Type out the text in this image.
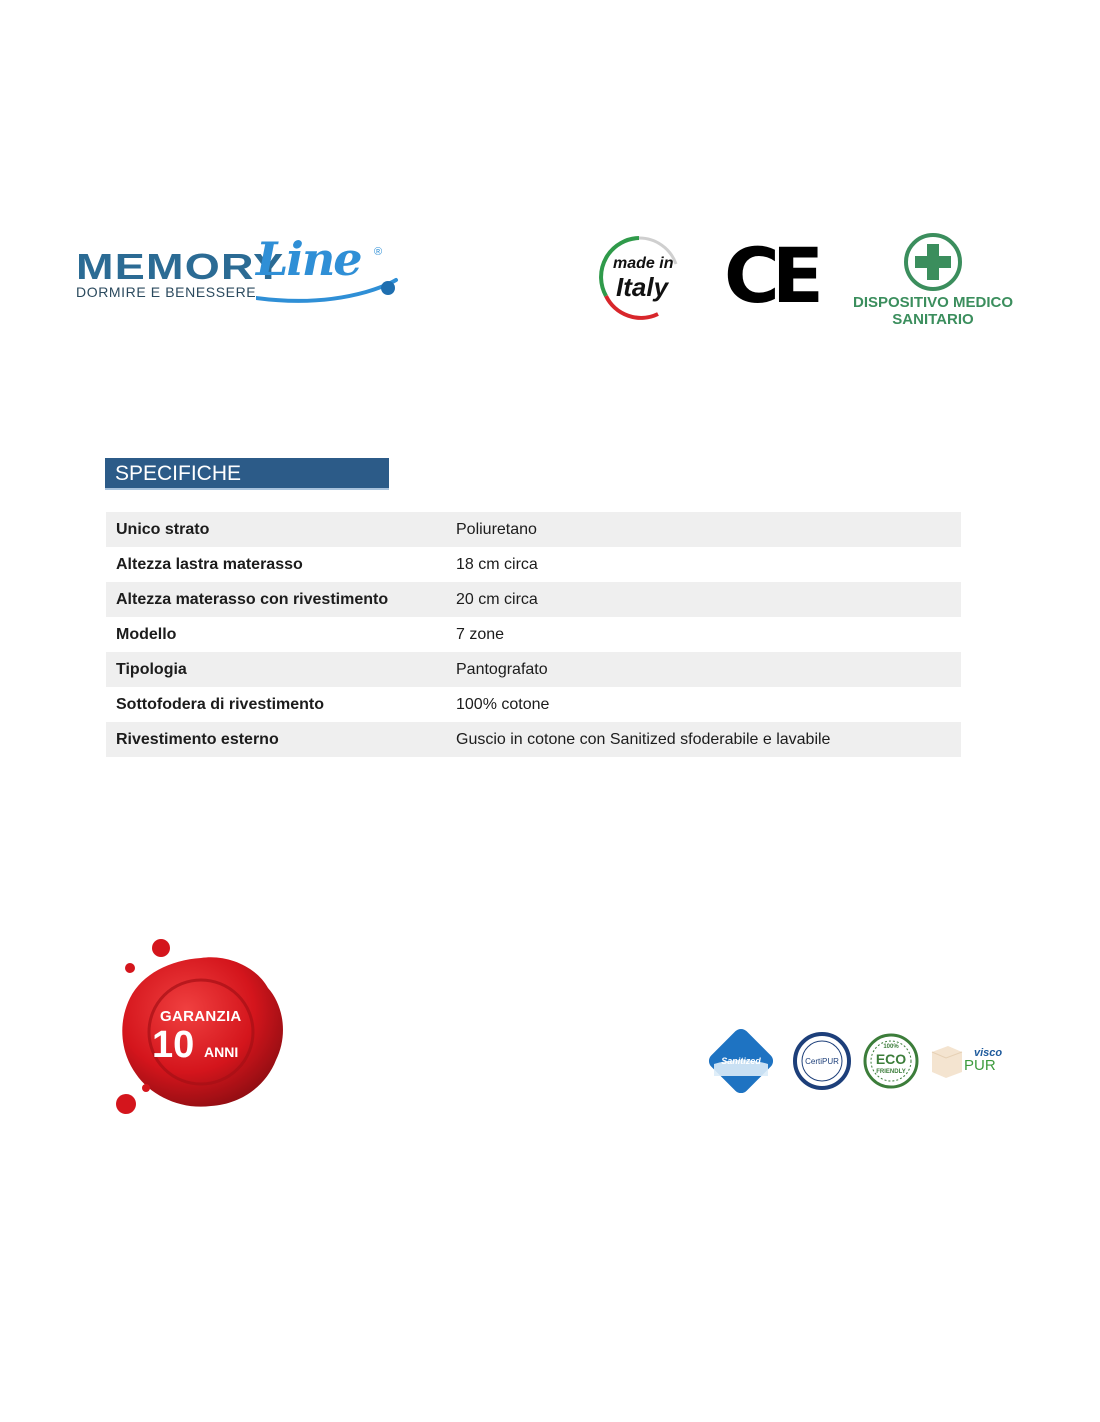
MEMORY
Line ®
DORMIRE E BENESSERE
made in
Italy C
E	DISPOSITIVO MEDICO
SANITARIO
SPECIFICHE
Unico strato	Poliuretano
Altezza lastra materasso	18 cm circa
Altezza materasso con rivestimento	20 cm circa
Modello	7 zone
Tipologia	Pantografato
Sottofodera di rivestimento	100% cotone
Rivestimento esterno	Guscio in cotone con Sanitized sfoderabile e lavabile
GARANZIA
10 ANNI
Sanitized	CertiPUR
100%
ECO
FRIENDLY
visco
PUR
